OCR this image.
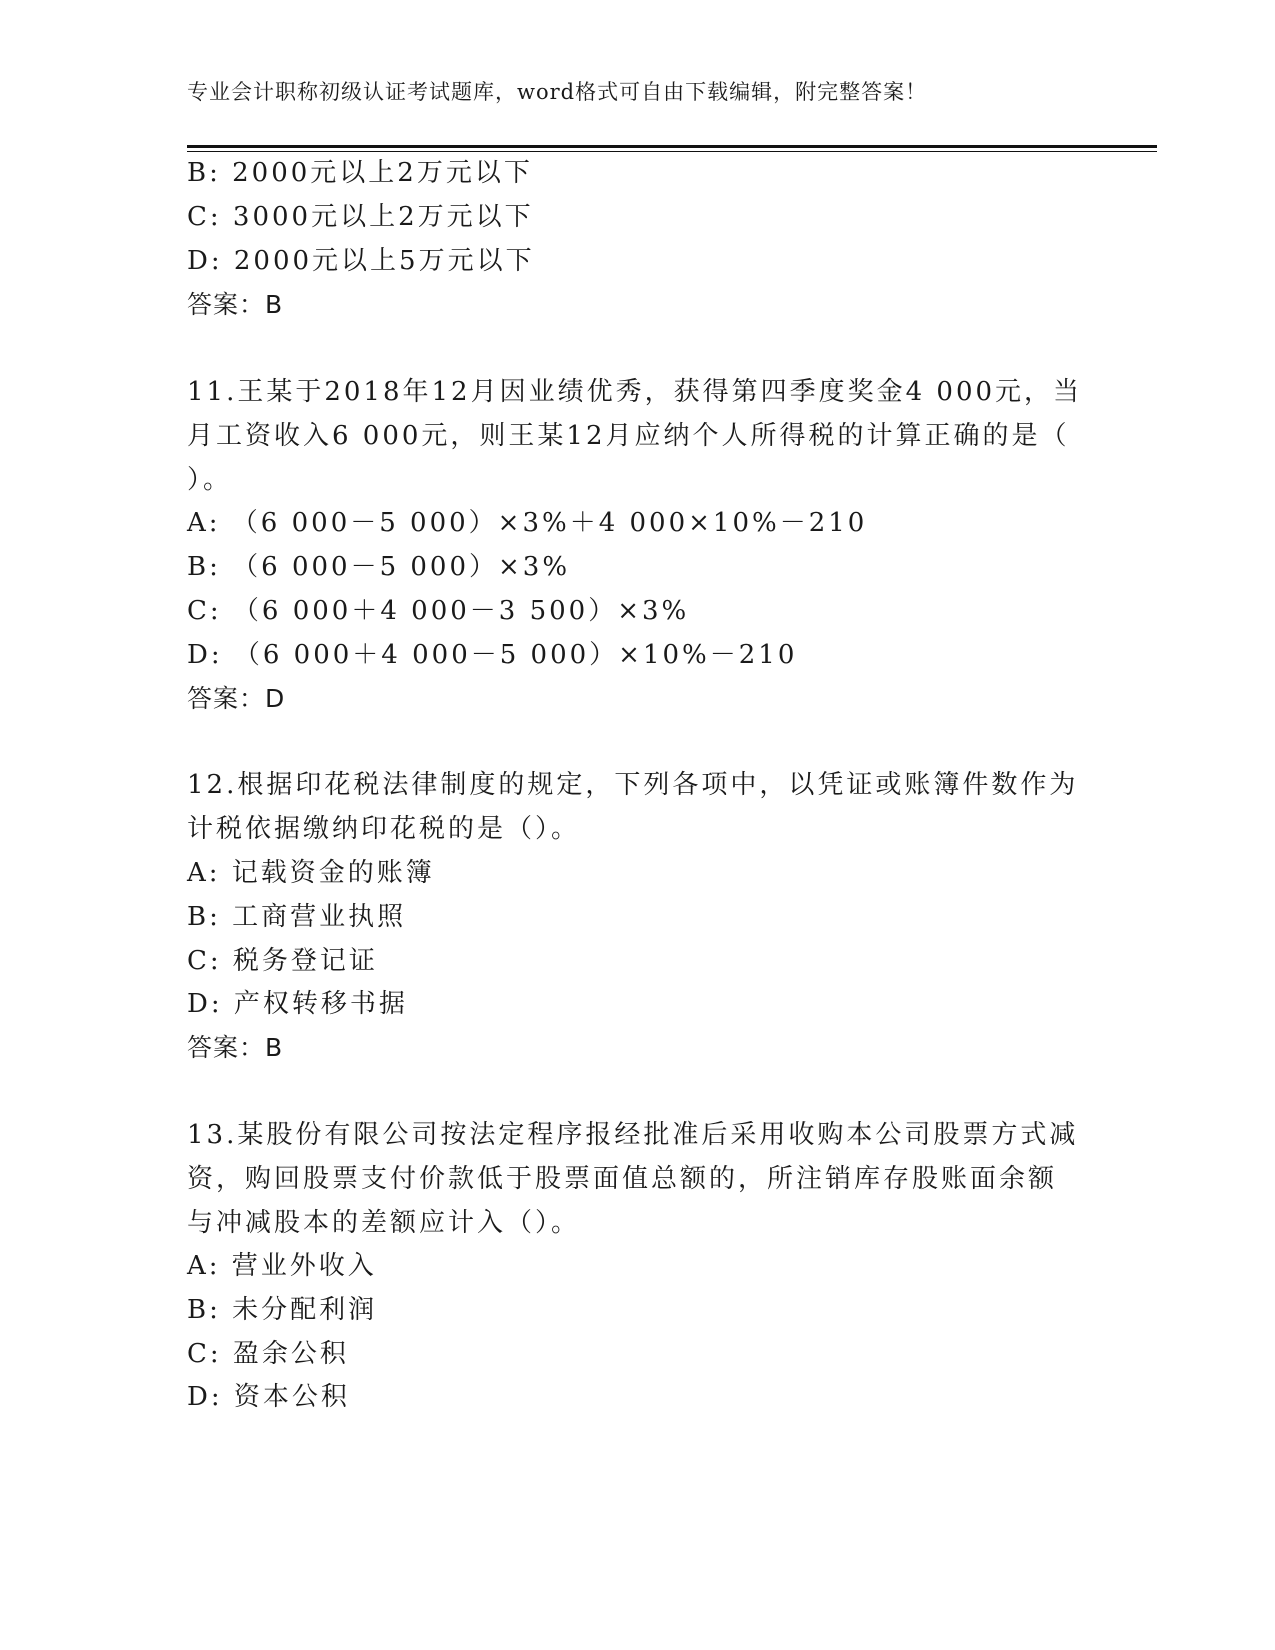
专业会计职称初级认证考试题库，word格式可自由下载编辑，附完整答案！
B: 2000元以上2万元以下
C: 3000元以上2万元以下
D: 2000元以上5万元以下
答案：B
11.王某于2018年12月因业绩优秀，获得第四季度奖金4 000元，当
月工资收入6 000元，则王某12月应纳个人所得税的计算正确的是（
）。
A: （6 000－5 000）×3%＋4 000×10%－210
B: （6 000－5 000）×3%
C: （6 000＋4 000－3 500）×3%
D: （6 000＋4 000－5 000）×10%－210
答案：D
12.根据印花税法律制度的规定，下列各项中，以凭证或账簿件数作为
计税依据缴纳印花税的是（）。
A: 记载资金的账簿
B: 工商营业执照
C: 税务登记证
D: 产权转移书据
答案：B
13.某股份有限公司按法定程序报经批准后采用收购本公司股票方式减
资，购回股票支付价款低于股票面值总额的，所注销库存股账面余额
与冲减股本的差额应计入（）。
A: 营业外收入
B: 未分配利润
C: 盈余公积
D: 资本公积
